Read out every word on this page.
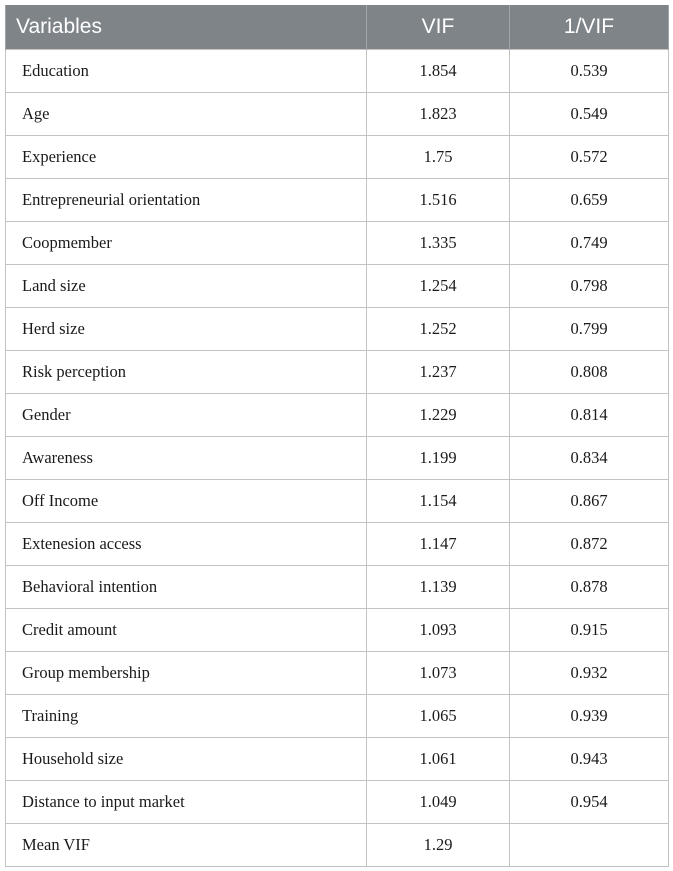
Variables	VIF	1/VIF
Education	1.854	0.539
Age	1.823	0.549
Experience	1.75	0.572
Entrepreneurial orientation	1.516	0.659
Coopmember	1.335	0.749
Land size	1.254	0.798
Herd size	1.252	0.799
Risk perception	1.237	0.808
Gender	1.229	0.814
Awareness	1.199	0.834
Off Income	1.154	0.867
Extenesion access	1.147	0.872
Behavioral intention	1.139	0.878
Credit amount	1.093	0.915
Group membership	1.073	0.932
Training	1.065	0.939
Household size	1.061	0.943
Distance to input market	1.049	0.954
Mean VIF	1.29	
